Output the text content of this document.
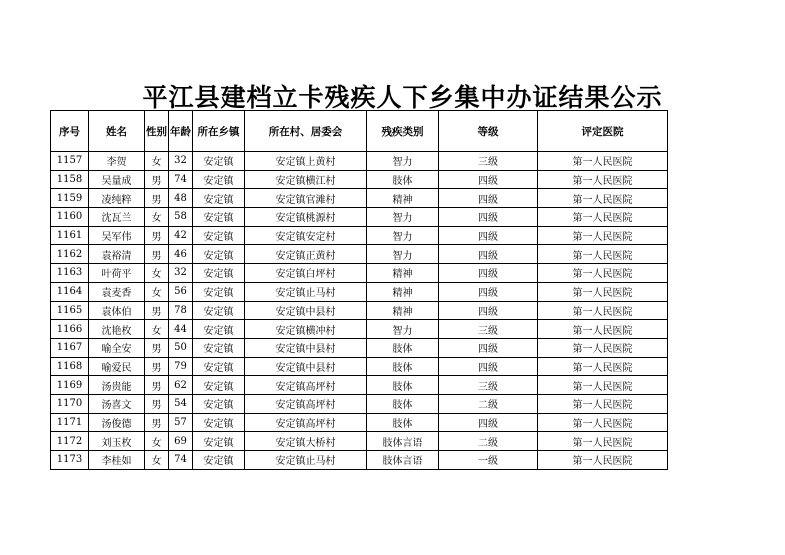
平江县建档立卡残疾人下乡集中办证结果公示
序号	姓名	性别	年龄	所在乡镇	所在村、居委会	残疾类别	等级	评定医院
1157	李贺	女	32	安定镇	安定镇上黄村	智力	三级	第一人民医院
1158	吴量成	男	74	安定镇	安定镇横江村	肢体	四级	第一人民医院
1159	凌纯粹	男	48	安定镇	安定镇官滩村	精神	四级	第一人民医院
1160	沈瓦兰	女	58	安定镇	安定镇桃源村	智力	四级	第一人民医院
1161	吴军伟	男	42	安定镇	安定镇安定村	智力	四级	第一人民医院
1162	袁裕清	男	46	安定镇	安定镇正黄村	智力	四级	第一人民医院
1163	叶荷平	女	32	安定镇	安定镇白坪村	精神	四级	第一人民医院
1164	袁麦香	女	56	安定镇	安定镇止马村	精神	四级	第一人民医院
1165	袁体伯	男	78	安定镇	安定镇中县村	精神	四级	第一人民医院
1166	沈艳枚	女	44	安定镇	安定镇横冲村	智力	三级	第一人民医院
1167	喻全安	男	50	安定镇	安定镇中县村	肢体	四级	第一人民医院
1168	喻爱民	男	79	安定镇	安定镇中县村	肢体	四级	第一人民医院
1169	汤贵能	男	62	安定镇	安定镇高坪村	肢体	三级	第一人民医院
1170	汤喜文	男	54	安定镇	安定镇高坪村	肢体	二级	第一人民医院
1171	汤俊德	男	57	安定镇	安定镇高坪村	肢体	四级	第一人民医院
1172	刘玉枚	女	69	安定镇	安定镇大桥村	肢体言语	二级	第一人民医院
1173	李桂如	女	74	安定镇	安定镇止马村	肢体言语	一级	第一人民医院
